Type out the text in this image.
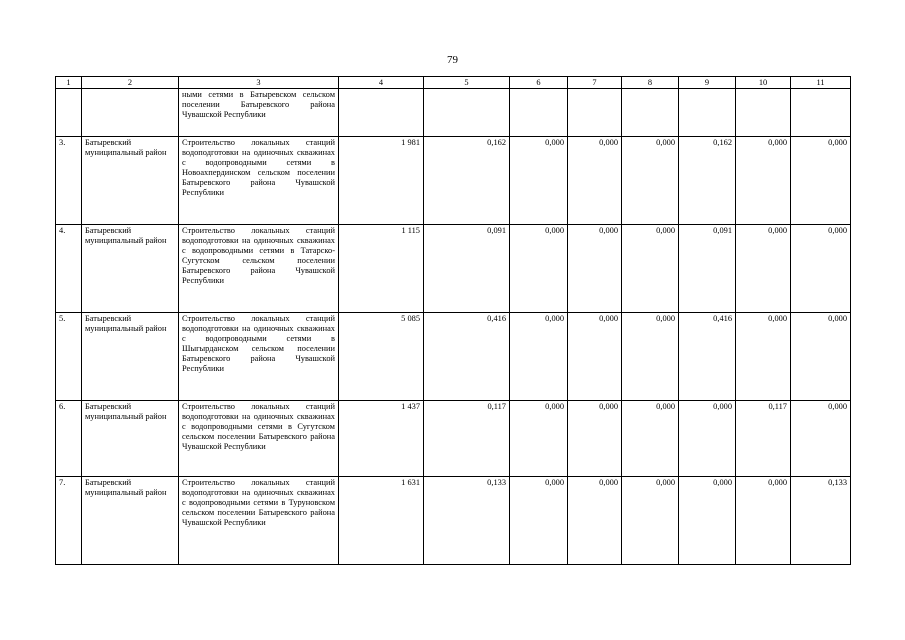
79
1	2	3	4	5	6	7	8	9	10	11
		ными сетями в Батыревском сельском поселении Батыревского района Чувашской Республики								
3.	Батыревский муниципальный район	Строительство локальных станций водоподготовки на одиночных скважинах с водопроводными сетями в Новоахпердинском сельском поселении Батыревского района Чувашской Республики	1 981	0,162	0,000	0,000	0,000	0,162	0,000	0,000
4.	Батыревский муниципальный район	Строительство локальных станций водоподготовки на одиночных скважинах с водопроводными сетями в Татарско-Сугутском сельском поселении Батыревского района Чувашской Республики	1 115	0,091	0,000	0,000	0,000	0,091	0,000	0,000
5.	Батыревский муниципальный район	Строительство локальных станций водоподготовки на одиночных скважинах с водопроводными сетями в Шыгырданском сельском поселении Батыревского района Чувашской Республики	5 085	0,416	0,000	0,000	0,000	0,416	0,000	0,000
6.	Батыревский муниципальный район	Строительство локальных станций водоподготовки на одиночных скважинах с водопроводными сетями в Сугутском сельском поселении Батыревского района Чувашской Республики	1 437	0,117	0,000	0,000	0,000	0,000	0,117	0,000
7.	Батыревский муниципальный район	Строительство локальных станций водоподготовки на одиночных скважинах с водопроводными сетями в Туруновском сельском поселении Батыревского района Чувашской Республики	1 631	0,133	0,000	0,000	0,000	0,000	0,000	0,133
